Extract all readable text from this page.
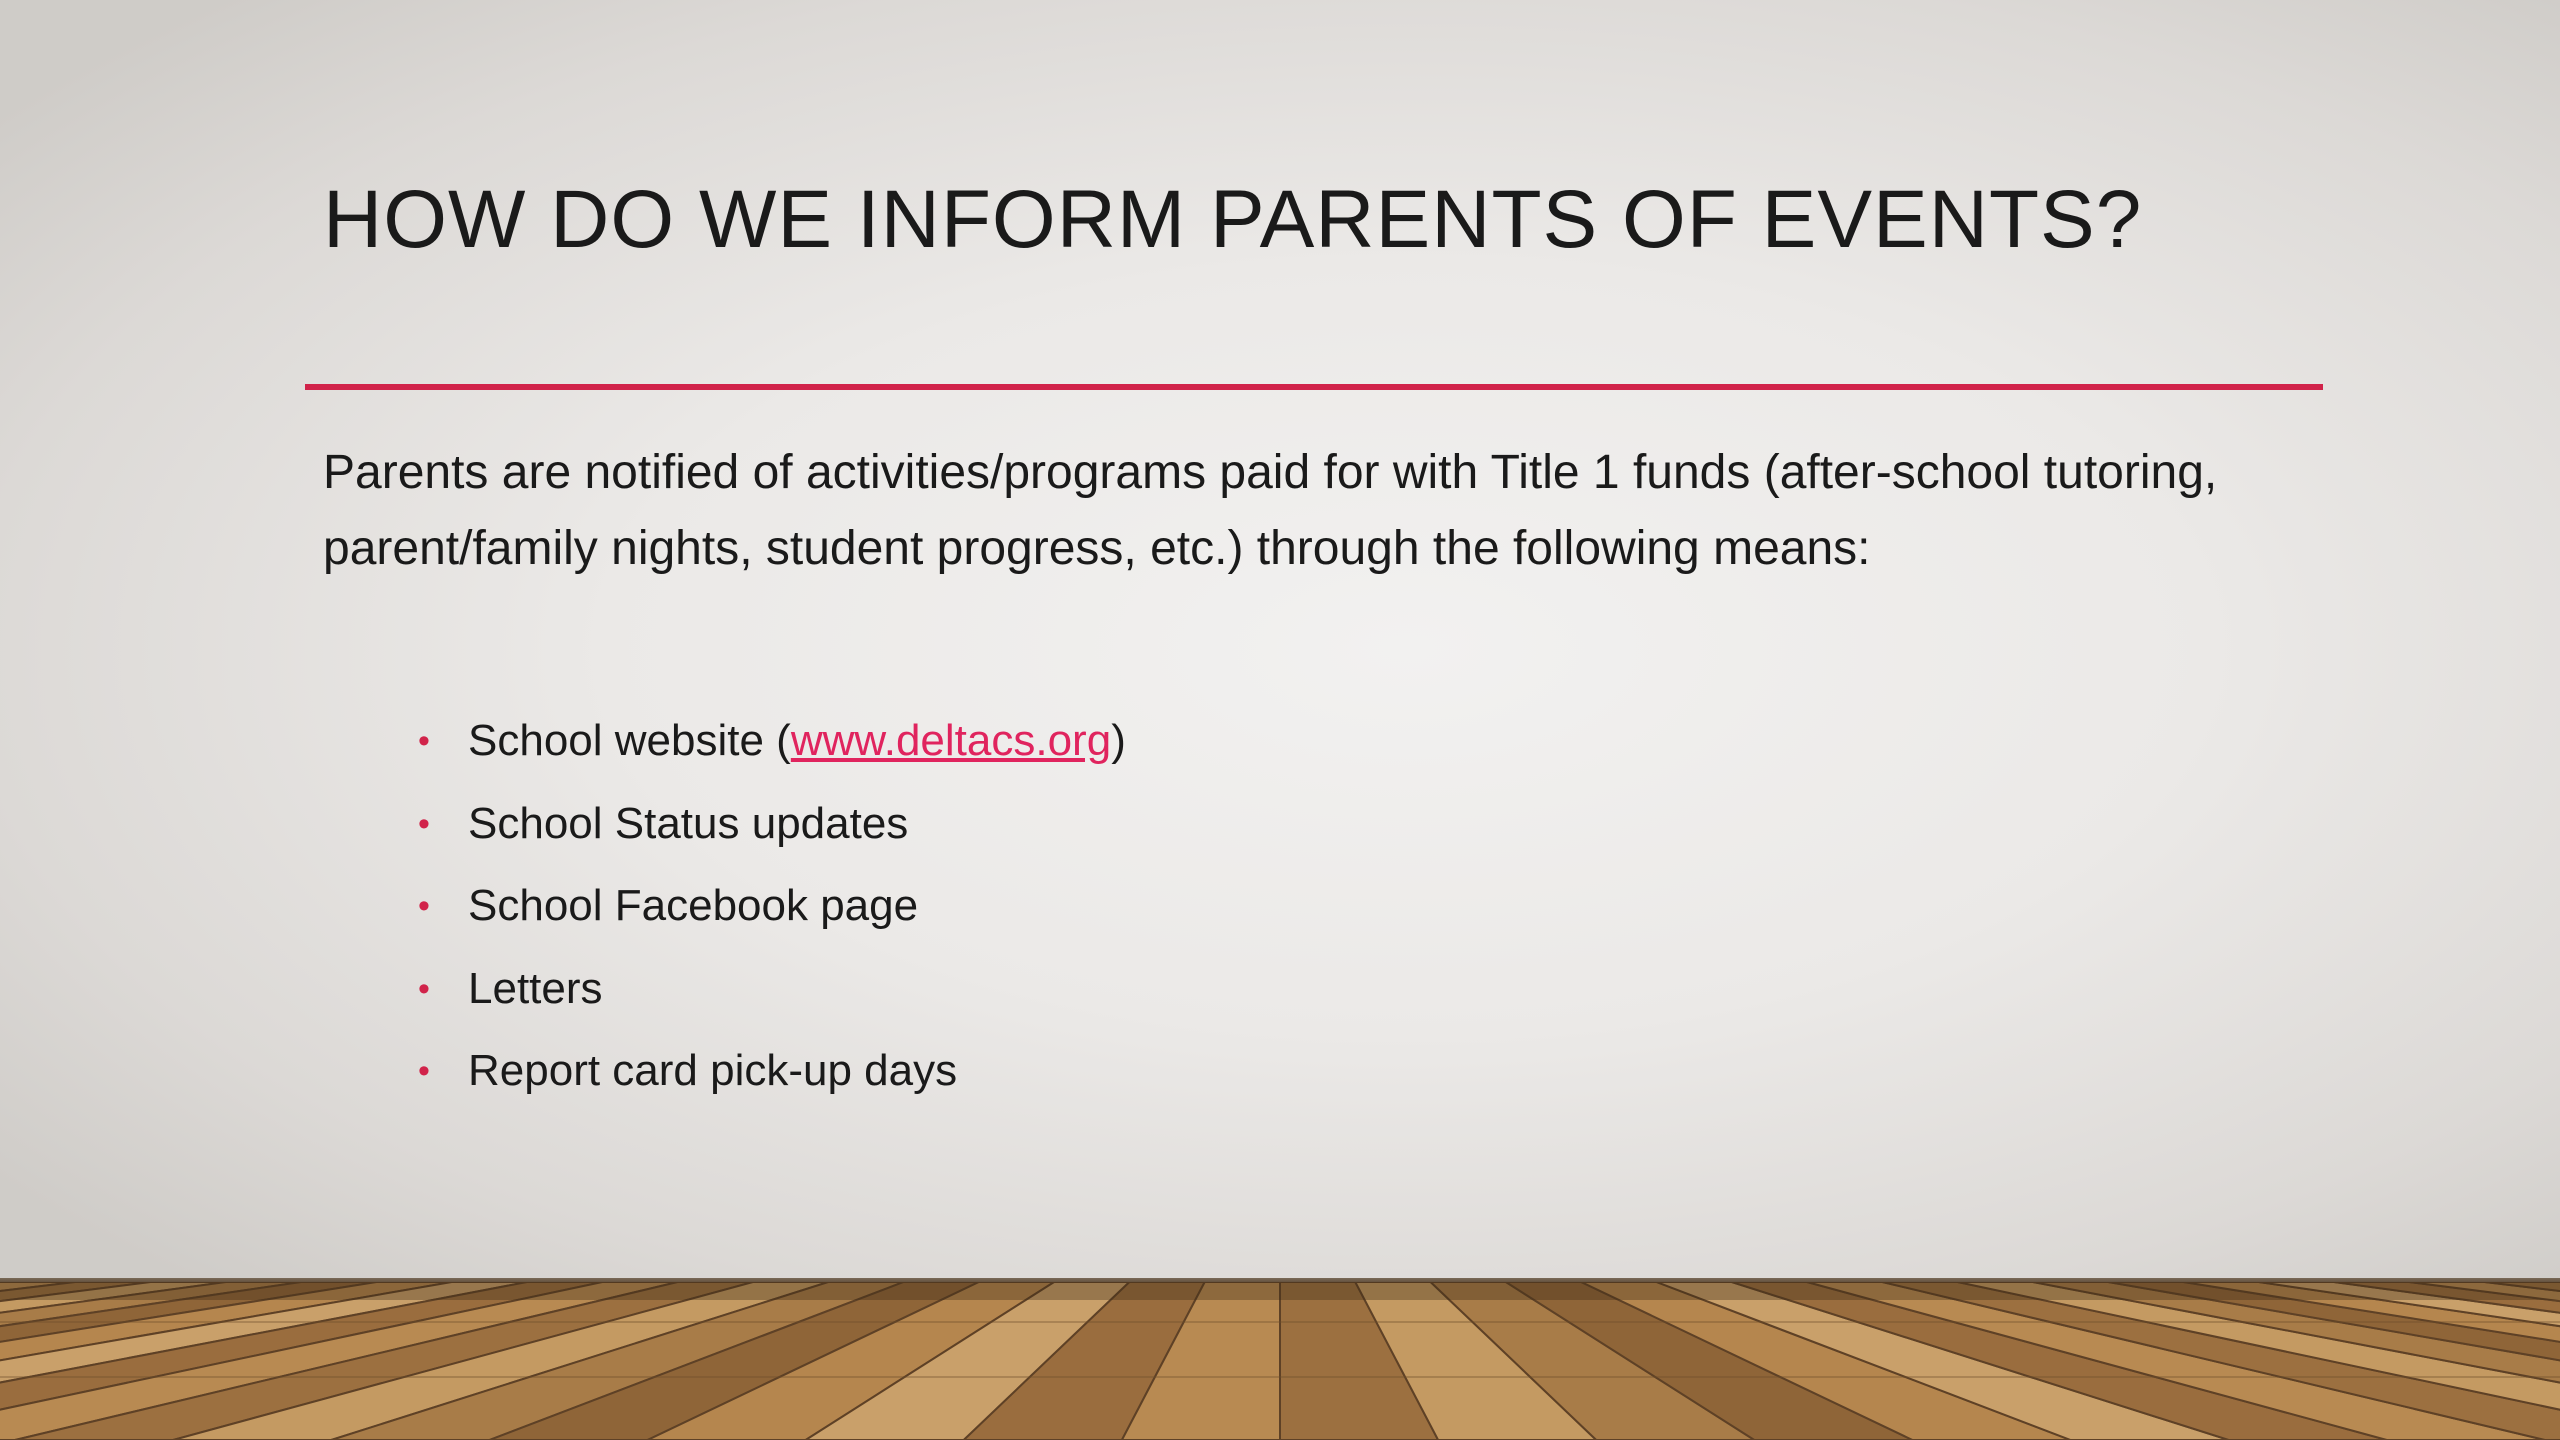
HOW DO WE INFORM PARENTS OF EVENTS?
Parents are notified of activities/programs paid for with Title 1 funds (after-school tutoring,
parent/family nights, student progress, etc.) through the following means:
• School website (www.deltacs.org)
• School Status updates
• School Facebook page
• Letters
• Report card pick-up days
